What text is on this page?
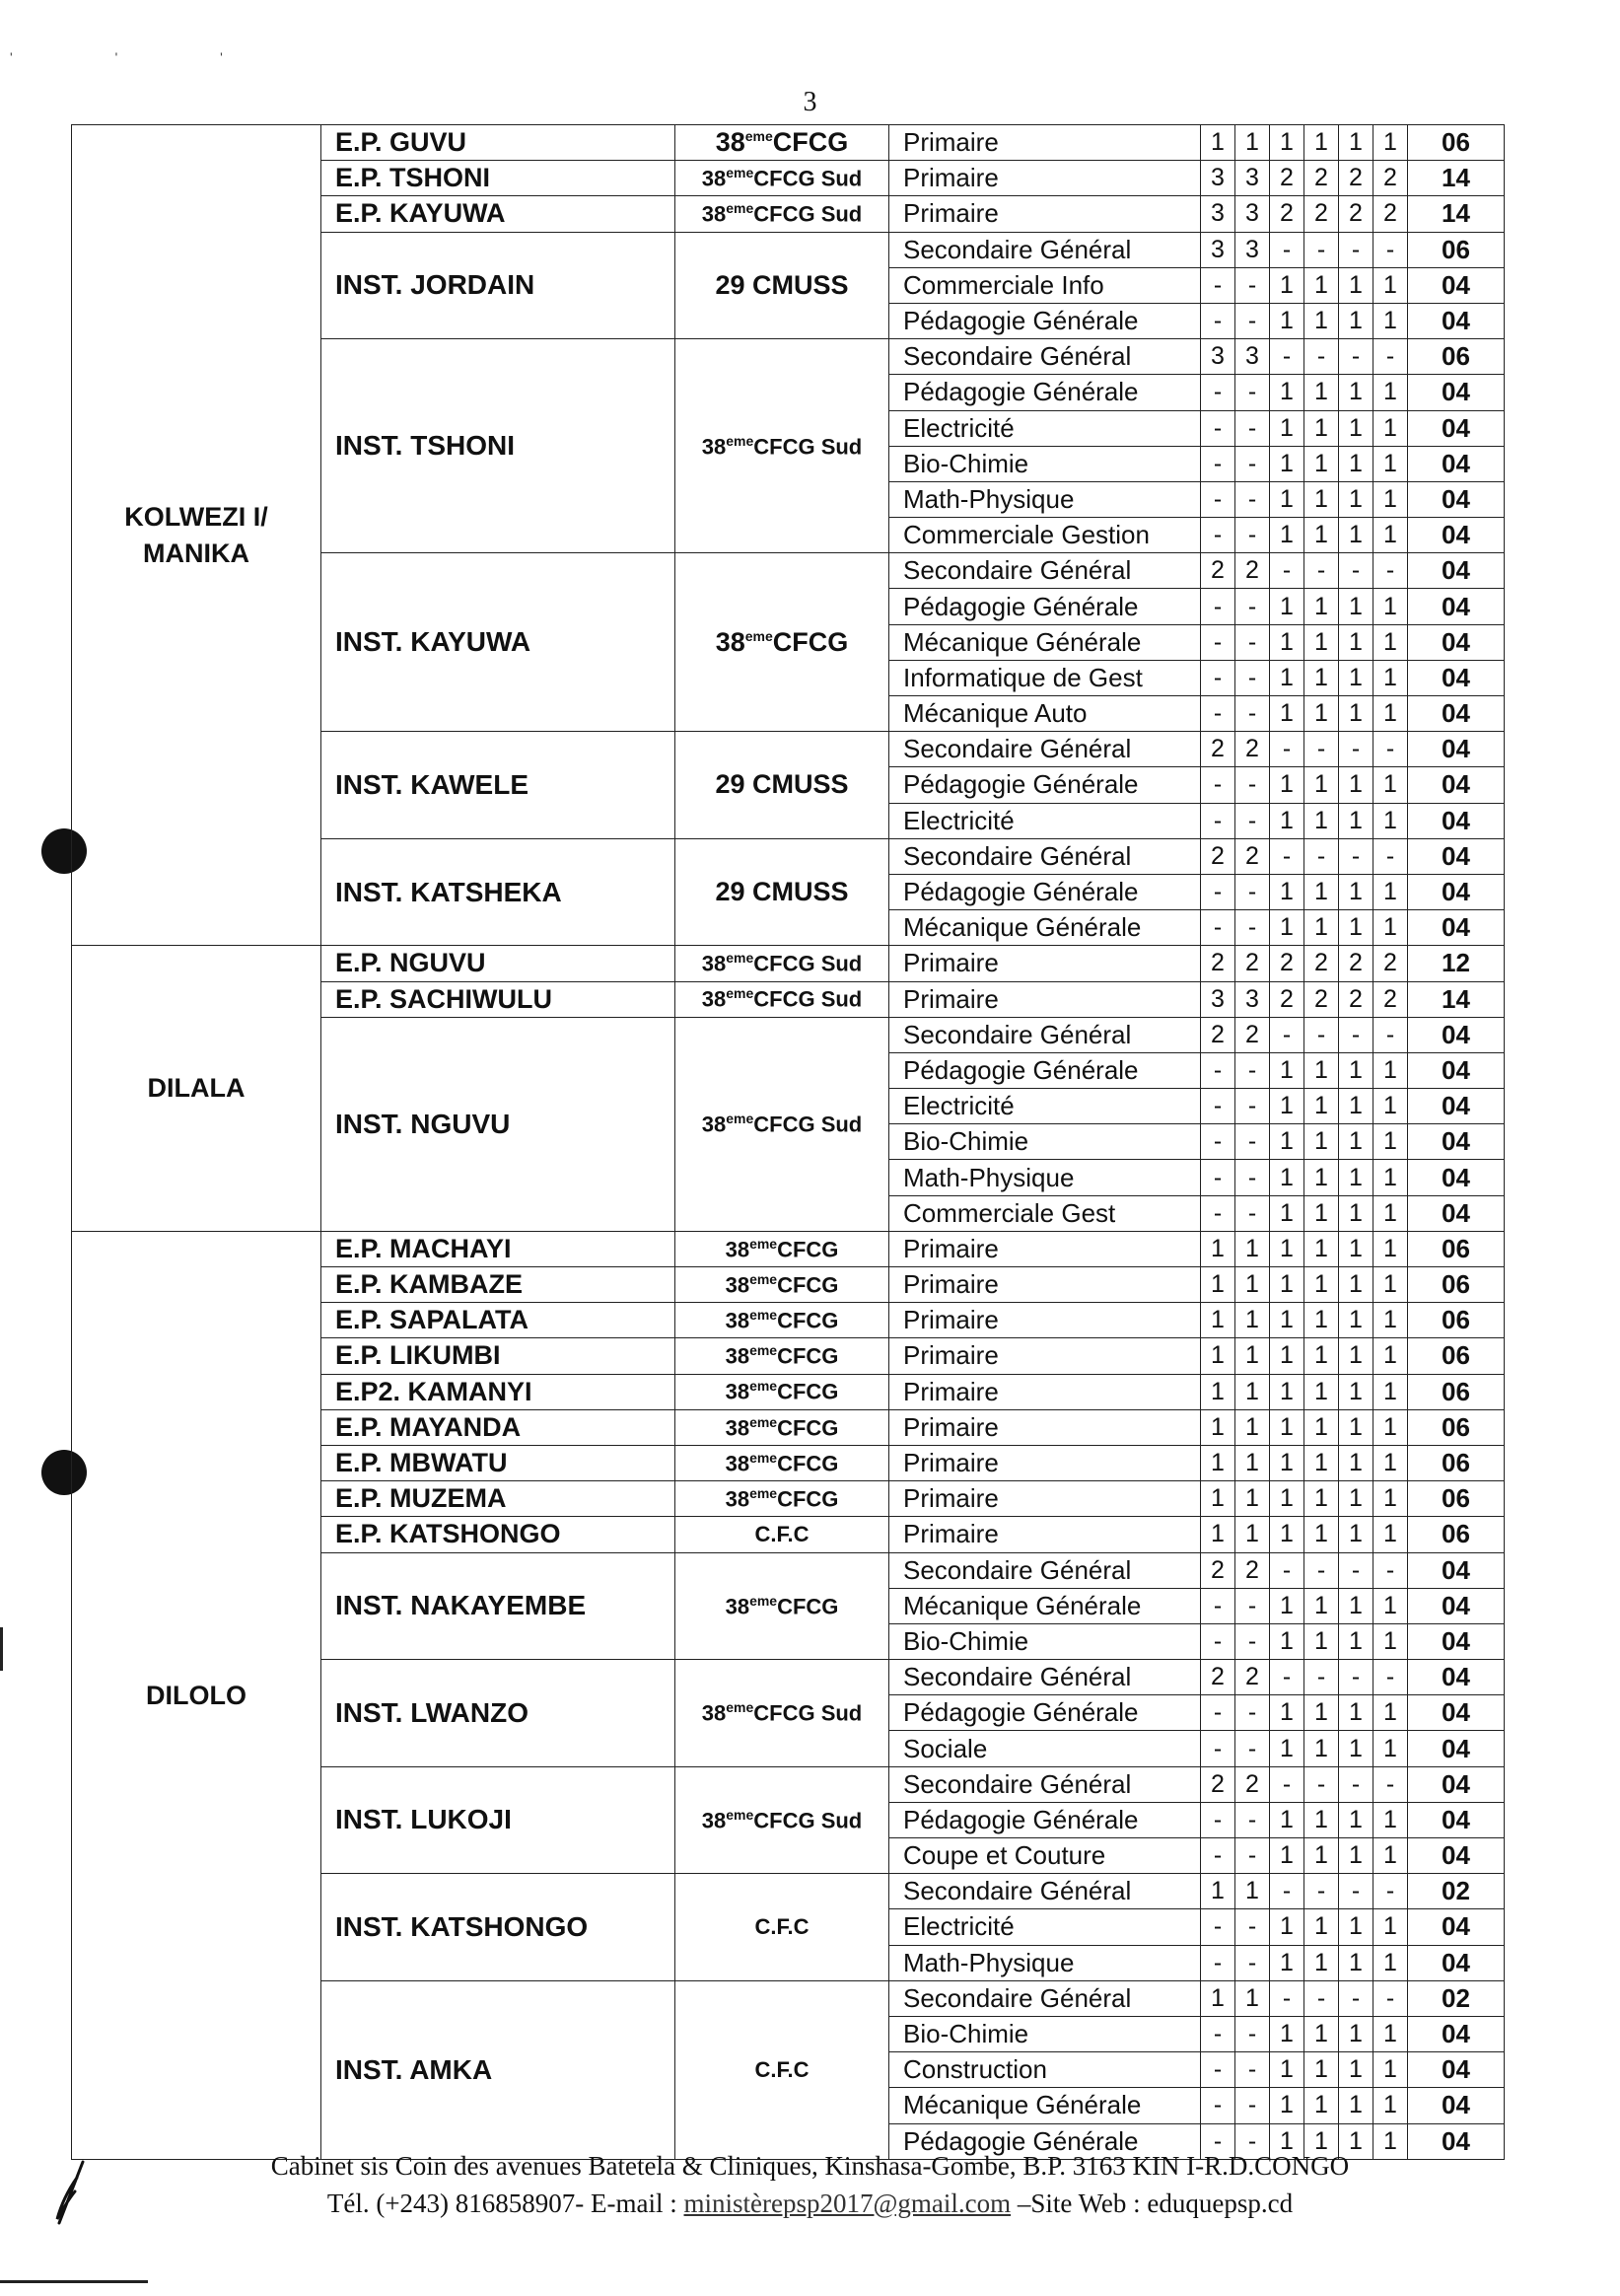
' ' '
3
KOLWEZI I/ MANIKA	E.P. GUVU	38emeCFCG	Primaire	1	1	1	1	1	1	06
	E.P. TSHONI	38emeCFCG Sud	Primaire	3	3	2	2	2	2	14
	E.P. KAYUWA	38emeCFCG Sud	Primaire	3	3	2	2	2	2	14
	INST. JORDAIN	29 CMUSS	Secondaire Général	3	3	-	-	-	-	06
			Commerciale Info	-	-	1	1	1	1	04
			Pédagogie Générale	-	-	1	1	1	1	04
	INST. TSHONI	38emeCFCG Sud	Secondaire Général	3	3	-	-	-	-	06
			Pédagogie Générale	-	-	1	1	1	1	04
			Electricité	-	-	1	1	1	1	04
			Bio-Chimie	-	-	1	1	1	1	04
			Math-Physique	-	-	1	1	1	1	04
			Commerciale Gestion	-	-	1	1	1	1	04
	INST. KAYUWA	38emeCFCG	Secondaire Général	2	2	-	-	-	-	04
			Pédagogie Générale	-	-	1	1	1	1	04
			Mécanique Générale	-	-	1	1	1	1	04
			Informatique de Gest	-	-	1	1	1	1	04
			Mécanique Auto	-	-	1	1	1	1	04
	INST. KAWELE	29 CMUSS	Secondaire Général	2	2	-	-	-	-	04
			Pédagogie Générale	-	-	1	1	1	1	04
			Electricité	-	-	1	1	1	1	04
	INST. KATSHEKA	29 CMUSS	Secondaire Général	2	2	-	-	-	-	04
			Pédagogie Générale	-	-	1	1	1	1	04
			Mécanique Générale	-	-	1	1	1	1	04
DILALA	E.P. NGUVU	38emeCFCG Sud	Primaire	2	2	2	2	2	2	12
	E.P. SACHIWULU	38emeCFCG Sud	Primaire	3	3	2	2	2	2	14
	INST. NGUVU	38emeCFCG Sud	Secondaire Général	2	2	-	-	-	-	04
			Pédagogie Générale	-	-	1	1	1	1	04
			Electricité	-	-	1	1	1	1	04
			Bio-Chimie	-	-	1	1	1	1	04
			Math-Physique	-	-	1	1	1	1	04
			Commerciale Gest	-	-	1	1	1	1	04
DILOLO	E.P. MACHAYI	38emeCFCG	Primaire	1	1	1	1	1	1	06
	E.P. KAMBAZE	38emeCFCG	Primaire	1	1	1	1	1	1	06
	E.P. SAPALATA	38emeCFCG	Primaire	1	1	1	1	1	1	06
	E.P. LIKUMBI	38emeCFCG	Primaire	1	1	1	1	1	1	06
	E.P2. KAMANYI	38emeCFCG	Primaire	1	1	1	1	1	1	06
	E.P. MAYANDA	38emeCFCG	Primaire	1	1	1	1	1	1	06
	E.P. MBWATU	38emeCFCG	Primaire	1	1	1	1	1	1	06
	E.P. MUZEMA	38emeCFCG	Primaire	1	1	1	1	1	1	06
	E.P. KATSHONGO	C.F.C	Primaire	1	1	1	1	1	1	06
	INST. NAKAYEMBE	38emeCFCG	Secondaire Général	2	2	-	-	-	-	04
			Mécanique Générale	-	-	1	1	1	1	04
			Bio-Chimie	-	-	1	1	1	1	04
	INST. LWANZO	38emeCFCG Sud	Secondaire Général	2	2	-	-	-	-	04
			Pédagogie Générale	-	-	1	1	1	1	04
			Sociale	-	-	1	1	1	1	04
	INST. LUKOJI	38emeCFCG Sud	Secondaire Général	2	2	-	-	-	-	04
			Pédagogie Générale	-	-	1	1	1	1	04
			Coupe et Couture	-	-	1	1	1	1	04
	INST. KATSHONGO	C.F.C	Secondaire Général	1	1	-	-	-	-	02
			Electricité	-	-	1	1	1	1	04
			Math-Physique	-	-	1	1	1	1	04
	INST. AMKA	C.F.C	Secondaire Général	1	1	-	-	-	-	02
			Bio-Chimie	-	-	1	1	1	1	04
			Construction	-	-	1	1	1	1	04
			Mécanique Générale	-	-	1	1	1	1	04
			Pédagogie Générale	-	-	1	1	1	1	04
Cabinet sis Coin des avenues Batetela & Cliniques, Kinshasa-Gombe, B.P. 3163 KIN I-R.D.CONGO
Tél. (+243) 816858907- E-mail : ministèrepsp2017@gmail.com –Site Web : eduquepsp.cd
